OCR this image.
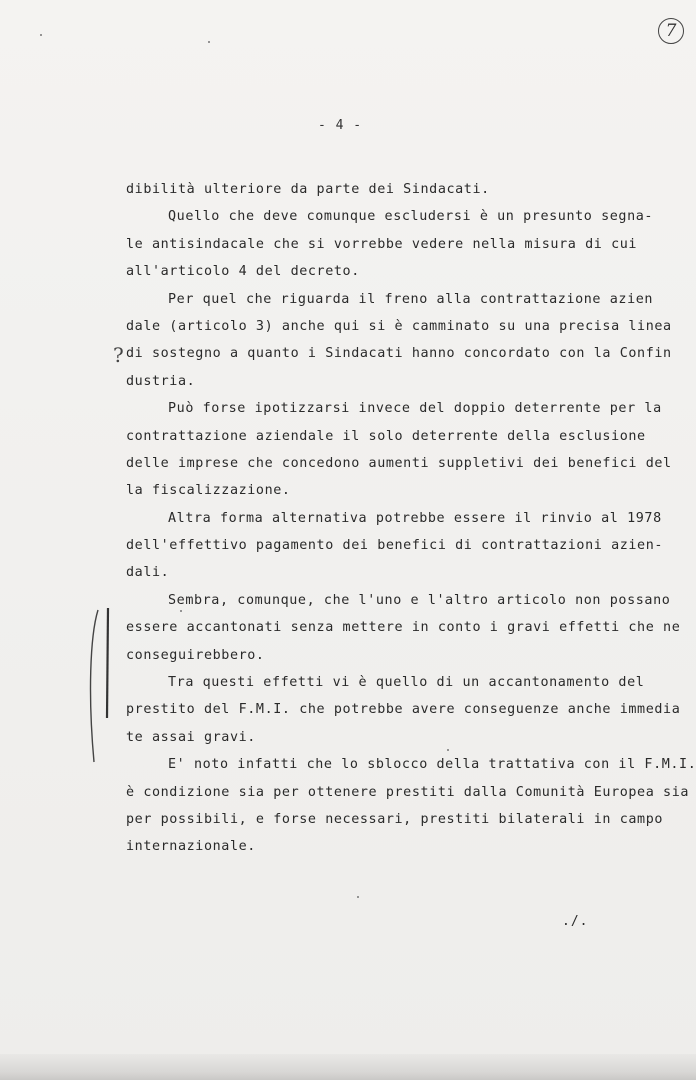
7
- 4 -
dibilità ulteriore da parte dei Sindacati.
Quello che deve comunque escludersi è un presunto segna-
le antisindacale che si vorrebbe vedere nella misura di cui
all'articolo 4 del decreto.
Per quel che riguarda il freno alla contrattazione azien
dale (articolo 3) anche qui si è camminato su una precisa linea
di sostegno a quanto i Sindacati hanno concordato con la Confin
dustria.
Può forse ipotizzarsi invece del doppio deterrente per la
contrattazione aziendale il solo deterrente della esclusione
delle imprese che concedono aumenti suppletivi dei benefici del
la fiscalizzazione.
Altra forma alternativa potrebbe essere il rinvio al 1978
dell'effettivo pagamento dei benefici di contrattazioni azien-
dali.
Sembra, comunque, che l'uno e l'altro articolo non possano
essere accantonati senza mettere in conto i gravi effetti che ne
conseguirebbero.
Tra questi effetti vi è quello di un accantonamento del
prestito del F.M.I. che potrebbe avere conseguenze anche immedia
te assai gravi.
E' noto infatti che lo sblocco della trattativa con il F.M.I.
è condizione sia per ottenere prestiti dalla Comunità Europea sia
per possibili, e forse necessari, prestiti bilaterali in campo
internazionale.
?
./.
